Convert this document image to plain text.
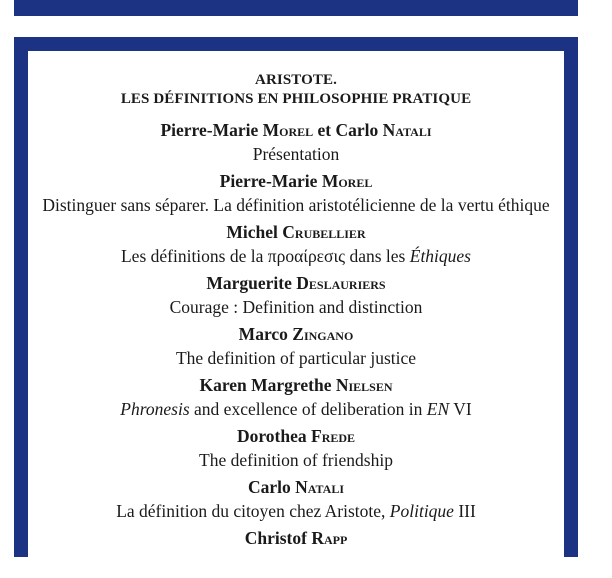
ARISTOTE.
LES DÉFINITIONS EN PHILOSOPHIE PRATIQUE
Pierre-Marie Morel et Carlo Natali
Présentation
Pierre-Marie Morel
Distinguer sans séparer. La définition aristotélicienne de la vertu éthique
Michel Crubellier
Les définitions de la προαίρεσις dans les Éthiques
Marguerite Deslauriers
Courage : Definition and distinction
Marco Zingano
The definition of particular justice
Karen Margrethe Nielsen
Phronesis and excellence of deliberation in EN VI
Dorothea Frede
The definition of friendship
Carlo Natali
La définition du citoyen chez Aristote, Politique III
Christof Rapp
